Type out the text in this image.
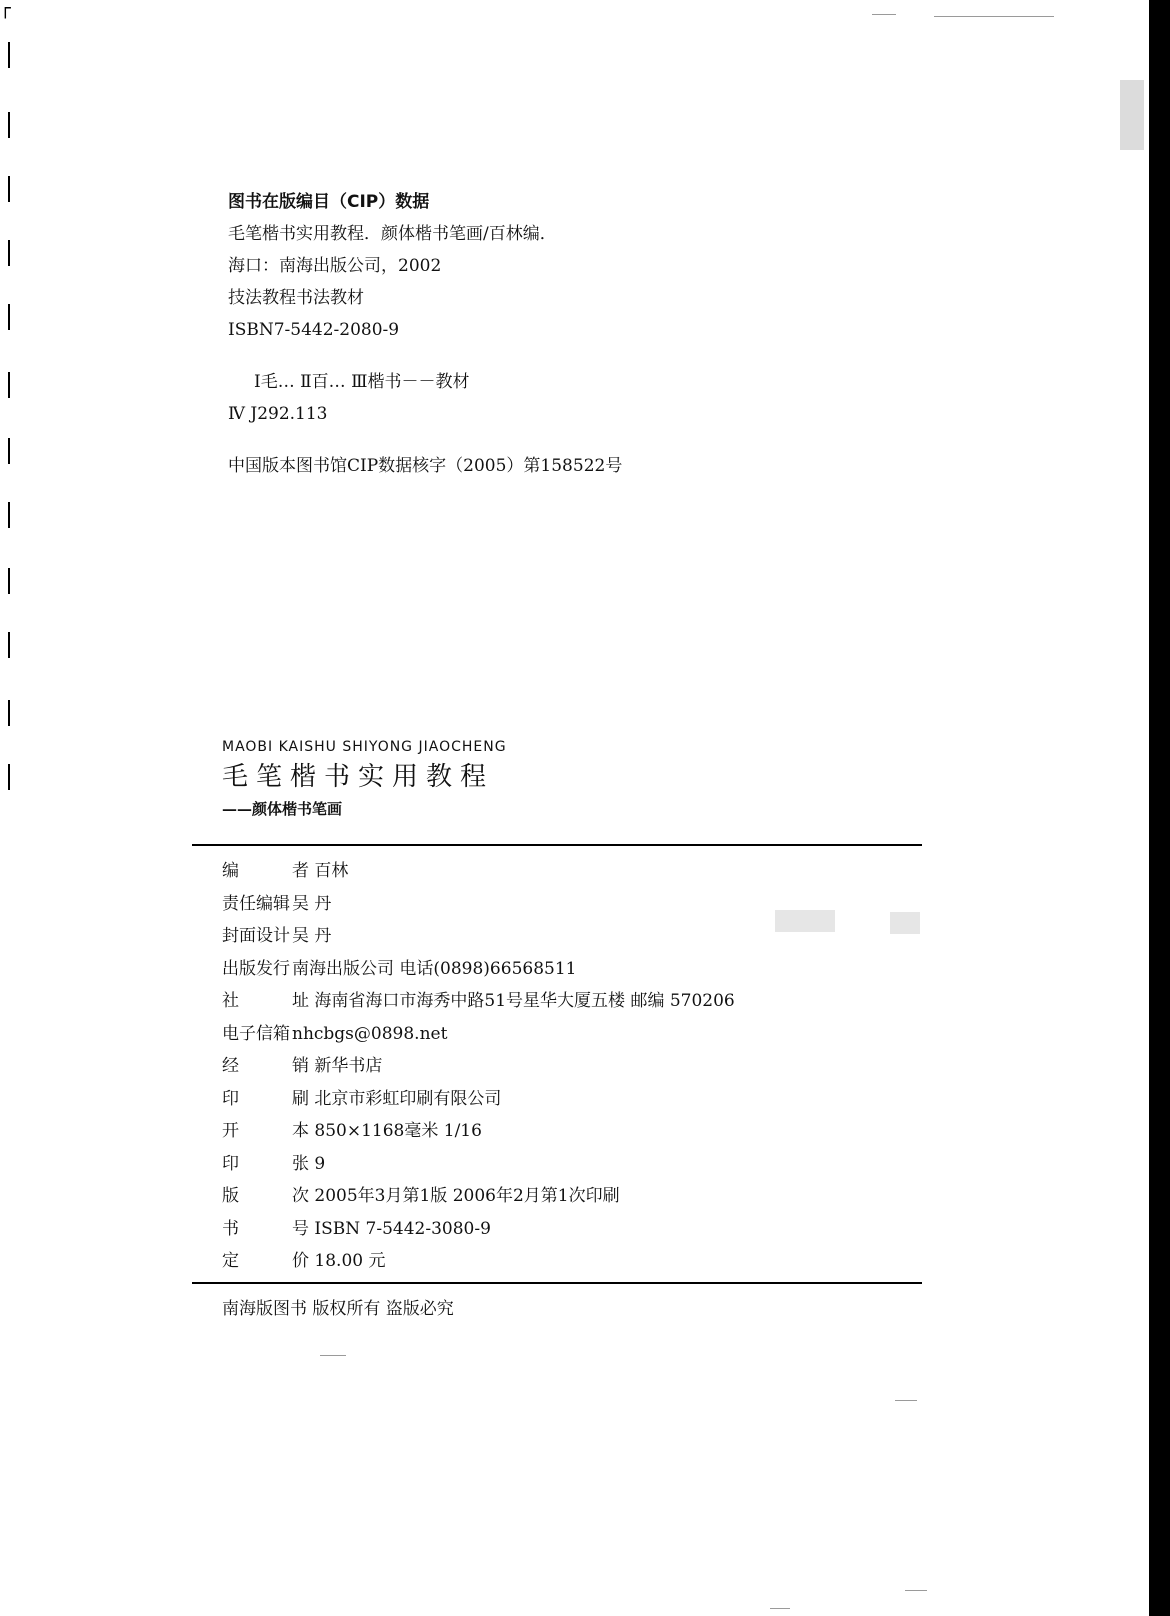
┌
图书在版编目（CIP）数据
毛笔楷书实用教程．颜体楷书笔画/百林编．
海口：南海出版公司，2002
技法教程书法教材
ISBN7-5442-2080-9
Ⅰ毛… Ⅱ百… Ⅲ楷书－－教材
Ⅳ J292.113
中国版本图书馆CIP数据核字（2005）第158522号
MAOBI KAISHU SHIYONG JIAOCHENG
毛笔楷书实用教程
——颜体楷书笔画
编	者 百林
责任编辑 吴 丹
封面设计 吴 丹
出版发行 南海出版公司 电话(0898)66568511
社	址 海南省海口市海秀中路51号星华大厦五楼 邮编 570206
电子信箱 nhcbgs@0898.net
经	销 新华书店
印	刷 北京市彩虹印刷有限公司
开	本 850×1168毫米 1/16
印	张 9
版	次 2005年3月第1版 2006年2月第1次印刷
书	号 ISBN 7-5442-3080-9
定	价 18.00 元
南海版图书 版权所有 盗版必究
